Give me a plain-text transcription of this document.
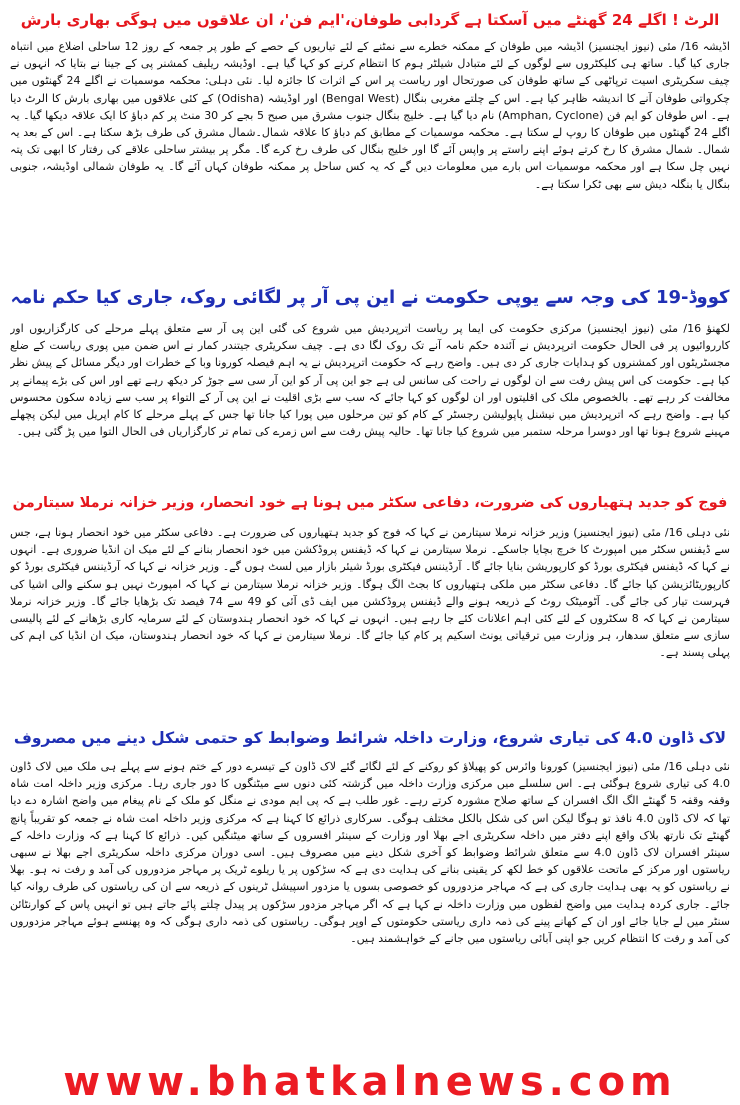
الرٹ ! اگلے 24 گھنٹے میں آسکتا ہے گردابی طوفان،'ایم فن'، ان علاقوں میں ہوگی بھاری بارش

اڈیشہ 16/ مئی (نیوز ایجنسیز) اڈیشہ میں طوفان کے ممکنہ خطرے سے نمٹنے کے لئے تیاریوں کے حصے کے طور پر جمعہ کے روز 12 ساحلی اضلاع میں انتباہ جاری کیا گیا۔ ساتھ ہی کلیکٹروں سے لوگوں کے لئے متبادل شیلٹر ہوم کا انتظام کرنے کو کہا گیا ہے۔ اوڈیشہ ریلیف کمشنر پی کے جینا نے بتایا کہ انہوں نے چیف سکریٹری اسیت ترپاٹھی کے ساتھ طوفان کی صورتحال اور ریاست پر اس کے اثرات کا جائزہ لیا۔ نئی دہلی: محکمہ موسمیات نے اگلے 24 گھنٹوں میں چکرواتی طوفان آنے کا اندیشہ ظاہر کیا ہے۔ اس کے چلتے مغربی بنگال (Bengal West) اور اوڈیشہ (Odisha) کے کئی علاقوں میں بھاری بارش کا الرٹ دیا ہے۔ اس طوفان کو ایم فن (Amphan, Cyclone) نام دیا گیا ہے۔ خلیج بنگال جنوب مشرق میں صبح 5 بجے کر 30 منٹ پر کم دباؤ کا ایک علاقہ دیکھا گیا۔ یہ اگلے 24 گھنٹوں میں طوفان کا روپ لے سکتا ہے۔ محکمہ موسمیات کے مطابق کم دباؤ کا علاقہ شمال۔شمال مشرق کی طرف بڑھ سکتا ہے۔ اس کے بعد یہ شمال۔ شمال مشرق کا رخ کرتے ہوئے اپنے راستے پر واپس آئے گا اور خلیج بنگال کی طرف رخ کرے گا۔ مگر پر بیشتر ساحلی علاقے کی رفتار کا ابھی تک پتہ نہیں چل سکا ہے اور محکمہ موسمیات اس بارے میں معلومات دیں گے کہ یہ کس ساحل پر ممکنہ طوفان کہاں آئے گا۔ یہ طوفان شمالی اوڈیشہ، جنوبی بنگال یا بنگلہ دیش سے بھی ٹکرا سکتا ہے۔

کووڈ-19 کی وجہ سے یوپی حکومت نے این پی آر پر لگائی روک، جاری کیا حکم نامہ

لکھنؤ 16/ مئی (نیوز ایجنسیز) مرکزی حکومت کی ایما پر ریاست اترپردیش میں شروع کی گئی این پی آر سے متعلق پہلے مرحلے کی کارگزاریوں اور کارروائیوں پر فی الحال حکومت اترپردیش نے آئندہ حکم نامہ آنے تک روک لگا دی ہے۔ چیف سکریٹری جیتندر کمار نے اس ضمن میں پوری ریاست کے ضلع مجسٹریٹوں اور کمشنروں کو ہدایات جاری کر دی ہیں۔ واضح رہے کہ حکومت اترپردیش نے یہ اہم فیصلہ کورونا وبا کے خطرات اور دیگر مسائل کے پیش نظر کیا ہے۔ حکومت کی اس پیش رفت سے ان لوگوں نے راحت کی سانس لی ہے جو این پی آر کو این آر سی سے جوڑ کر دیکھ رہے تھے اور اس کی بڑے پیمانے پر مخالفت کر رہے تھے۔ بالخصوص ملک کی اقلیتوں اور ان لوگوں کو کہا جائے کہ سب سے بڑی اقلیت نے این پی آر کے التواء پر سب سے زیادہ سکون محسوس کیا ہے۔ واضح رہے کہ اترپردیش میں نیشنل پاپولیشن رجسٹر کے کام کو تین مرحلوں میں پورا کیا جانا تھا جس کے پہلے مرحلے کا کام اپریل میں لیکن پچھلے مہینے شروع ہونا تھا اور دوسرا مرحلہ ستمبر میں شروع کیا جانا تھا۔ حالیہ پیش رفت سے اس زمرے کی تمام تر کارگزاریاں فی الحال التوا میں پڑ گئی ہیں۔

فوج کو جدید ہتھیاروں کی ضرورت، دفاعی سکٹر میں ہونا ہے خود انحصار، وزیر خزانہ نرملا سیتارمن

نئی دہلی 16/ مئی (نیوز ایجنسیز) وزیر خزانہ نرملا سیتارمن نے کہا کہ فوج کو جدید ہتھیاروں کی ضرورت ہے۔ دفاعی سکٹر میں خود انحصار ہونا ہے، جس سے ڈیفنس سکٹر میں امپورٹ کا خرچ بچایا جاسکے۔ نرملا سیتارمن نے کہا کہ ڈیفنس پروڈکشن میں خود انحصار بنانے کے لئے میک ان انڈیا ضروری ہے۔ انہوں نے کہا کہ ڈیفنس فیکٹری بورڈ کو کارپوریشن بنایا جائے گا۔ آرڈیننس فیکٹری بورڈ شیئر بازار میں لسٹ ہوں گے۔ وزیر خزانہ نے کہا کہ آرڈیننس فیکٹری بورڈ کو کارپوریٹائزیشن کیا جائے گا۔ دفاعی سکٹر میں ملکی ہتھیاروں کا بجٹ الگ ہوگا۔ وزیر خزانہ نرملا سیتارمن نے کہا کہ امپورٹ نہیں ہو سکنے والی اشیا کی فہرست تیار کی جائے گی۔ آٹومیٹک روٹ کے ذریعہ ہونے والے ڈیفنس پروڈکشن میں ایف ڈی آئی کو 49 سے 74 فیصد تک بڑھایا جائے گا۔ وزیر خزانہ نرملا سیتارمن نے کہا کہ 8 سکٹروں کے لئے کئی اہم اعلانات کئے جا رہے ہیں۔ انہوں نے کہا کہ خود انحصار ہندوستان کے لئے سرمایہ کاری بڑھانے کے لئے پالیسی سازی سے متعلق سدھار، ہر وزارت میں ترقیاتی یونٹ اسکیم پر کام کیا جائے گا۔ نرملا سیتارمن نے کہا کہ خود انحصار ہندوستان، میک ان انڈیا کی اہم کی پہلی پسند ہے۔

لاک ڈاون 4.0 کی تیاری شروع، وزارت داخلہ شرائط وضوابط کو حتمی شکل دینے میں مصروف

نئی دہلی 16/ مئی (نیوز ایجنسیز) کورونا وائرس کو پھیلاؤ کو روکنے کے لئے لگائے گئے لاک ڈاون کے تیسرے دور کے ختم ہونے سے پہلے ہی ملک میں لاک ڈاون 4.0 کی تیاری شروع ہوگئی ہے۔ اس سلسلے میں مرکزی وزارت داخلہ میں گزشتہ کئی دنوں سے میٹنگوں کا دور جاری رہا۔ مرکزی وزیر داخلہ امت شاہ وقفہ وقفہ 5 گھنٹے الگ الگ افسران کے ساتھ صلاح مشورہ کرتے رہے۔ غور طلب ہے کہ پی ایم مودی نے منگل کو ملک کے نام پیغام میں واضح اشارہ دے دیا تھا کہ لاک ڈاون 4.0 نافذ تو ہوگا لیکن اس کی شکل بالکل مختلف ہوگی۔ سرکاری ذرائع کا کہنا ہے کہ مرکزی وزیر داخلہ امت شاہ نے جمعہ کو تقریباً پانچ گھنٹے تک نارتھ بلاک واقع اپنے دفتر میں داخلہ سکریٹری اجے بھلا اور وزارت کے سینئر افسروں کے ساتھ میٹنگیں کیں۔ ذرائع کا کہنا ہے کہ وزارت داخلہ کے سینئر افسران لاک ڈاون 4.0 سے متعلق شرائط وضوابط کو آخری شکل دینے میں مصروف ہیں۔ اسی دوران مرکزی داخلہ سکریٹری اجے بھلا نے سبھی ریاستوں اور مرکز کے ماتحت علاقوں کو خط لکھ کر یقینی بنانے کی ہدایت دی ہے کہ سڑکوں پر یا ریلوے ٹریک پر مہاجر مزدوروں کی آمد و رفت نہ ہو۔ بھلا نے ریاستوں کو یہ بھی ہدایت جاری کی ہے کہ مہاجر مزدوروں کو خصوصی بسوں یا مزدور اسپیشل ٹرینوں کے ذریعہ سے ان کی ریاستوں کی طرف روانہ کیا جائے۔ جاری کردہ ہدایت میں واضح لفظوں میں وزارت داخلہ نے کہا ہے کہ اگر مہاجر مزدور سڑکوں پر پیدل چلتے پائے جاتے ہیں تو انہیں پاس کے کوارنٹائن سنٹر میں لے جایا جائے اور ان کے کھانے پینے کی ذمہ داری ریاستی حکومتوں کے اوپر ہوگی۔ ریاستوں کی ذمہ داری ہوگی کہ وہ پھنسے ہوئے مہاجر مزدوروں کی آمد و رفت کا انتظام کریں جو اپنی آبائی ریاستوں میں جانے کے خواہشمند ہیں۔

www.bhatkalnews.com
